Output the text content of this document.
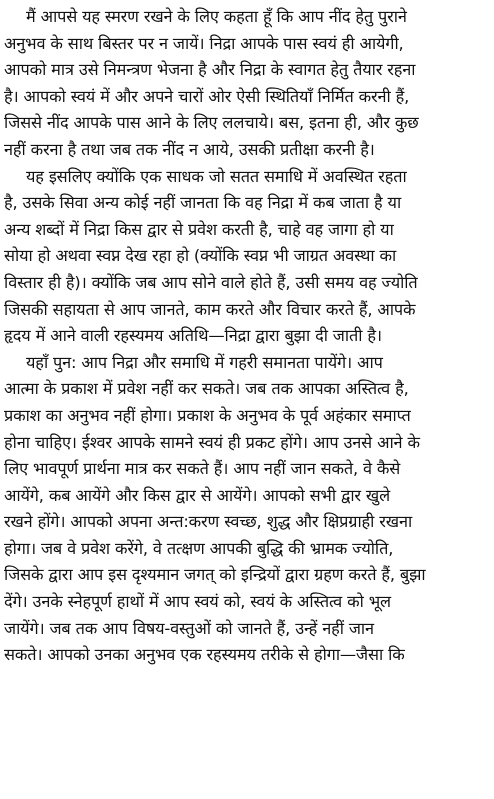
मैं आपसे यह स्मरण रखने के लिए कहता हूँ कि आप नींद हेतु पुराने
अनुभव के साथ बिस्तर पर न जायें। निद्रा आपके पास स्वयं ही आयेगी,
आपको मात्र उसे निमन्त्रण भेजना है और निद्रा के स्वागत हेतु तैयार रहना
है। आपको स्वयं में और अपने चारों ओर ऐसी स्थितियाँ निर्मित करनी हैं,
जिससे नींद आपके पास आने के लिए ललचाये। बस, इतना ही, और कुछ
नहीं करना है तथा जब तक नींद न आये, उसकी प्रतीक्षा करनी है।
यह इसलिए क्योंकि एक साधक जो सतत समाधि में अवस्थित रहता
है, उसके सिवा अन्य कोई नहीं जानता कि वह निद्रा में कब जाता है या
अन्य शब्दों में निद्रा किस द्वार से प्रवेश करती है, चाहे वह जागा हो या
सोया हो अथवा स्वप्न देख रहा हो (क्योंकि स्वप्न भी जाग्रत अवस्था का
विस्तार ही है)। क्योंकि जब आप सोने वाले होते हैं, उसी समय वह ज्योति
जिसकी सहायता से आप जानते, काम करते और विचार करते हैं, आपके
हृदय में आने वाली रहस्यमय अतिथि—निद्रा द्वारा बुझा दी जाती है।
यहाँ पुन: आप निद्रा और समाधि में गहरी समानता पायेंगे। आप
आत्मा के प्रकाश में प्रवेश नहीं कर सकते। जब तक आपका अस्तित्व है,
प्रकाश का अनुभव नहीं होगा। प्रकाश के अनुभव के पूर्व अहंकार समाप्त
होना चाहिए। ईश्वर आपके सामने स्वयं ही प्रकट होंगे। आप उनसे आने के
लिए भावपूर्ण प्रार्थना मात्र कर सकते हैं। आप नहीं जान सकते, वे कैसे
आयेंगे, कब आयेंगे और किस द्वार से आयेंगे। आपको सभी द्वार खुले
रखने होंगे। आपको अपना अन्त:करण स्वच्छ, शुद्ध और क्षिप्रग्राही रखना
होगा। जब वे प्रवेश करेंगे, वे तत्क्षण आपकी बुद्धि की भ्रामक ज्योति,
जिसके द्वारा आप इस दृश्यमान जगत् को इन्द्रियों द्वारा ग्रहण करते हैं, बुझा
देंगे। उनके स्नेहपूर्ण हाथों में आप स्वयं को, स्वयं के अस्तित्व को भूल
जायेंगे। जब तक आप विषय-वस्तुओं को जानते हैं, उन्हें नहीं जान
सकते। आपको उनका अनुभव एक रहस्यमय तरीके से होगा—जैसा कि
